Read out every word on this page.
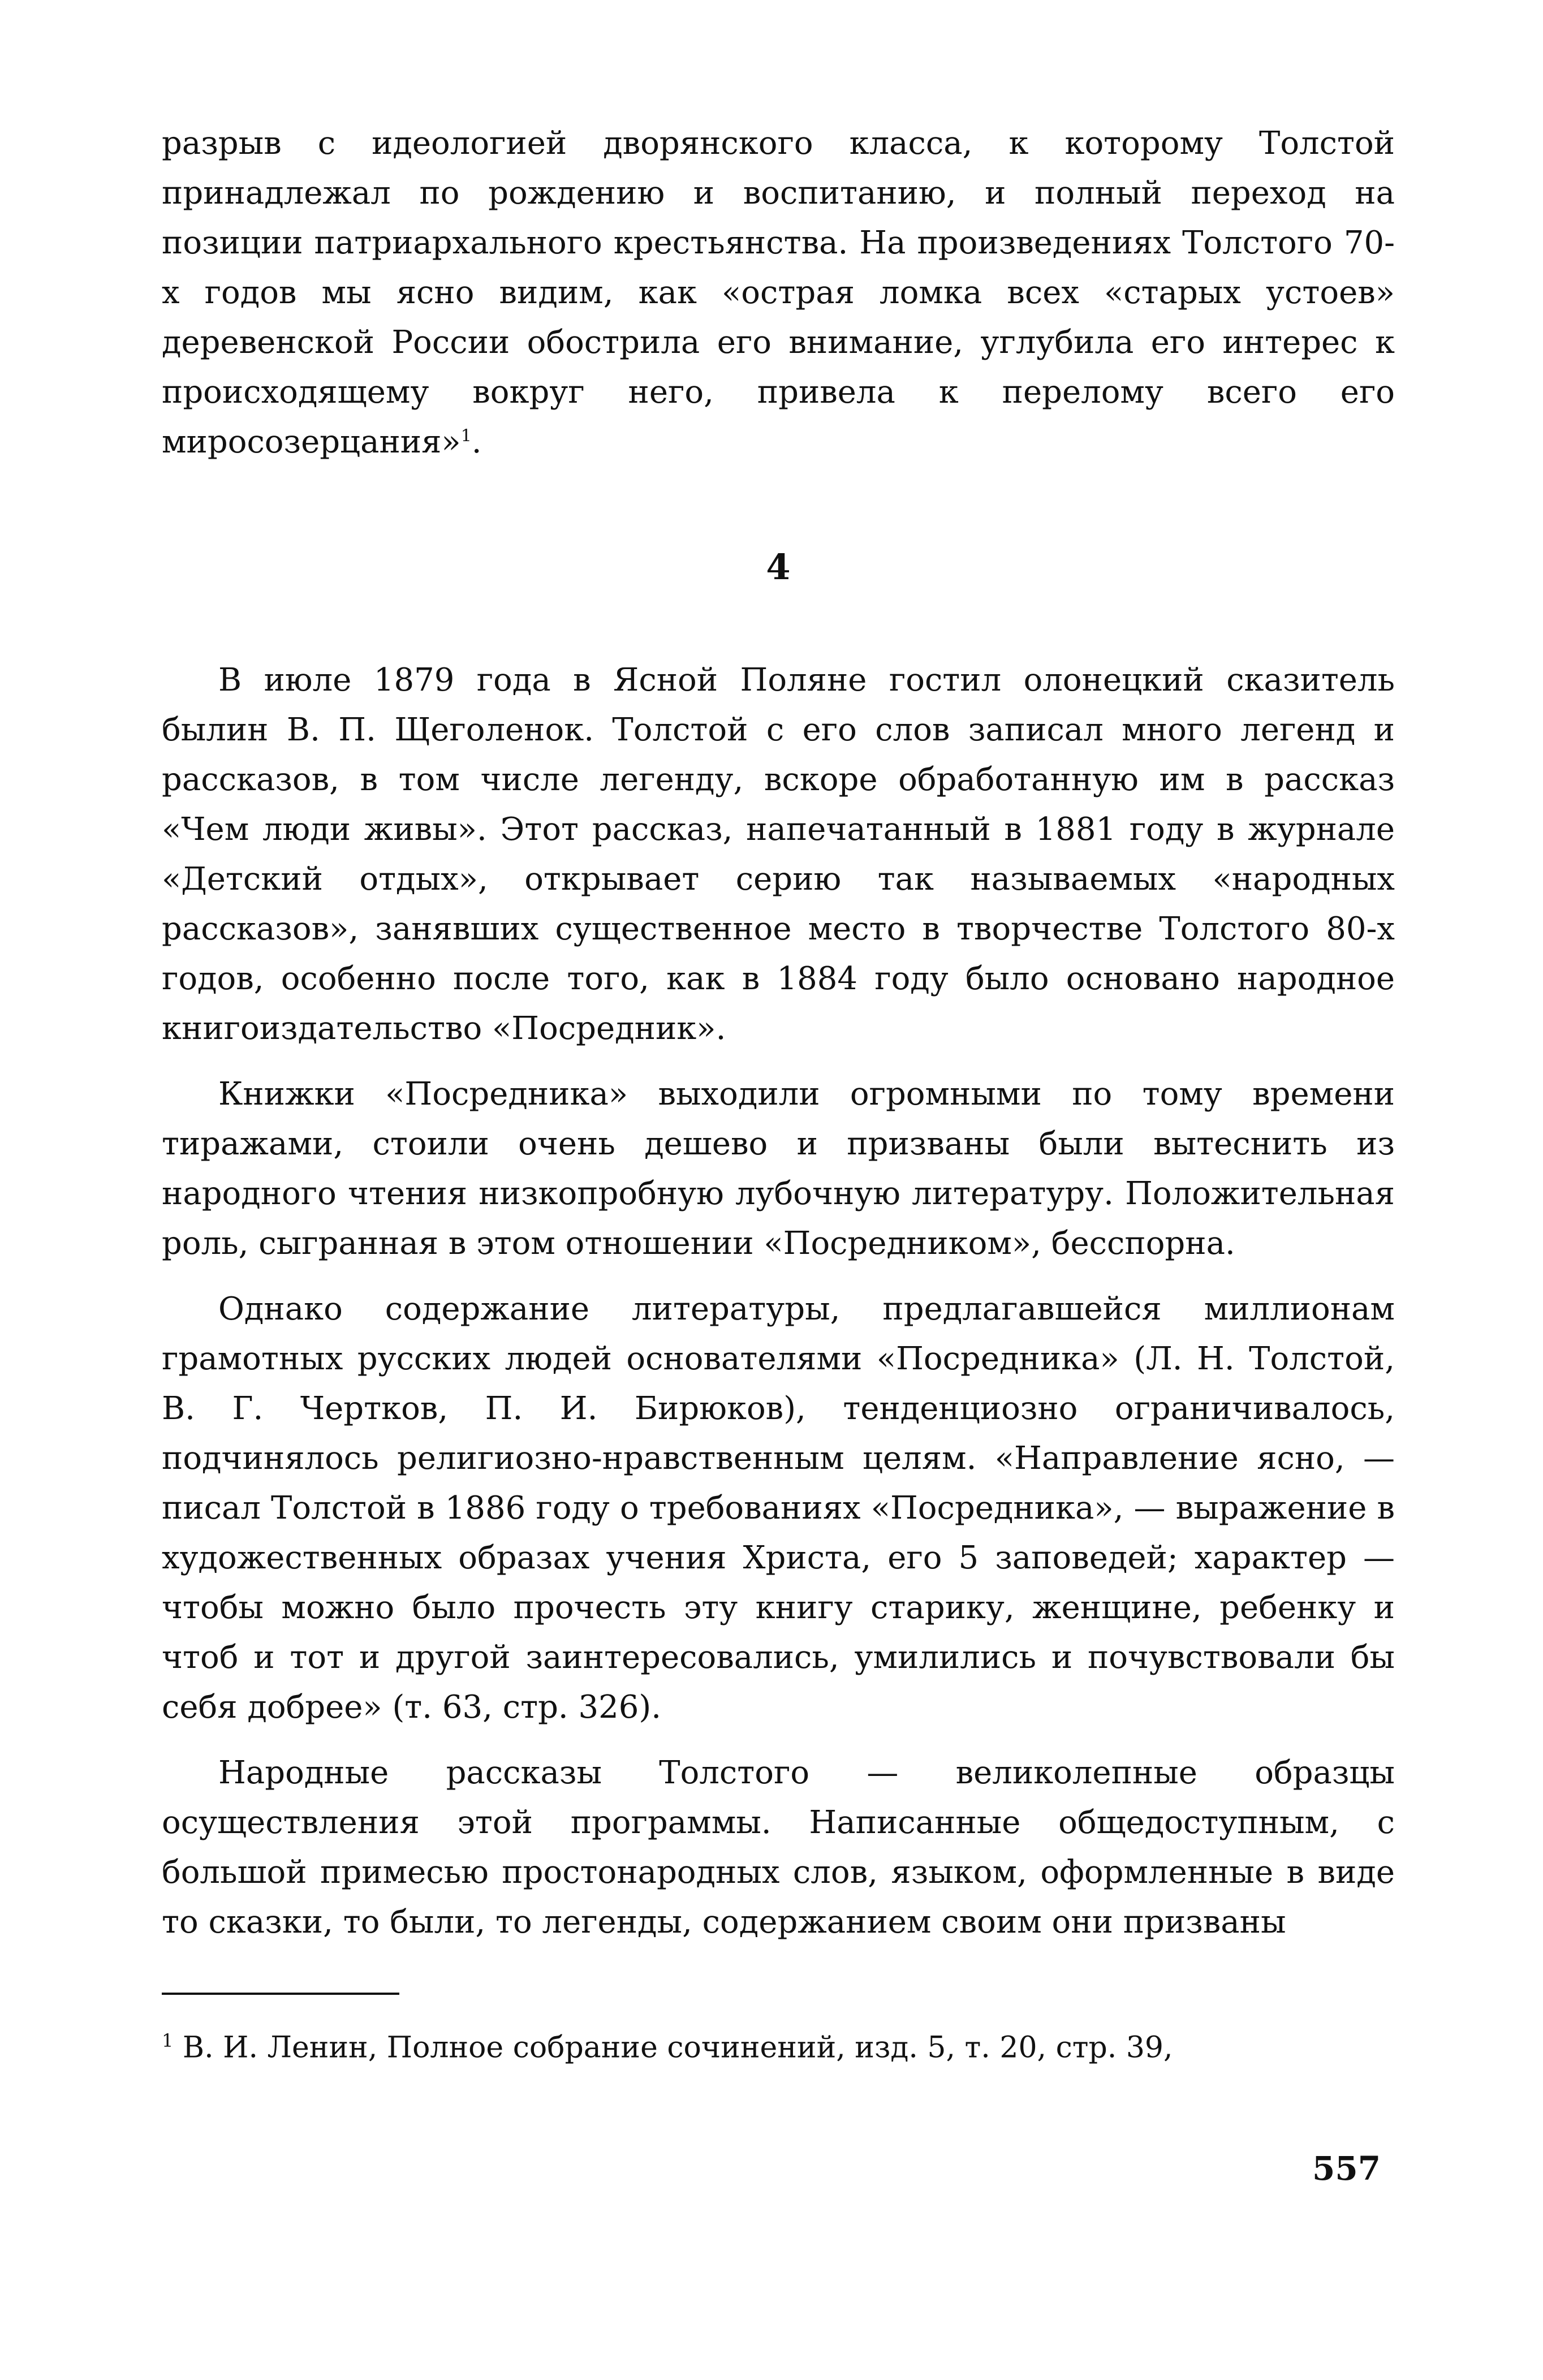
разрыв с идеологией дворянского класса, к которому Толстой принадлежал по рождению и воспитанию, и полный переход на позиции патриархального крестьянства. На произведениях Толстого 70-х годов мы ясно видим, как «острая ломка всех «старых устоев» деревенской России обострила его внимание, углубила его интерес к происходящему вокруг него, привела к перелому всего его миросозерцания»$^1$.

4

В июле 1879 года в Ясной Поляне гостил олонецкий сказитель былин В. П. Щеголенок. Толстой с его слов записал много легенд и рассказов, в том числе легенду, вскоре обработанную им в рассказ «Чем люди живы». Этот рассказ, напечатанный в 1881 году в журнале «Детский отдых», открывает серию так называемых «народных рассказов», занявших существенное место в творчестве Толстого 80-х годов, особенно после того, как в 1884 году было основано народное книгоиздательство «Посредник».

Книжки «Посредника» выходили огромными по тому времени тиражами, стоили очень дешево и призваны были вытеснить из народного чтения низкопробную лубочную литературу. Положительная роль, сыгранная в этом отношении «Посредником», бесспорна.

Однако содержание литературы, предлагавшейся миллионам грамотных русских людей основателями «Посредника» (Л. Н. Толстой, В. Г. Чертков, П. И. Бирюков), тенденциозно ограничивалось, подчинялось религиозно-нравственным целям. «Направление ясно, — писал Толстой в 1886 году о требованиях «Посредника», — выражение в художественных образах учения Христа, его 5 заповедей; характер — чтобы можно было прочесть эту книгу старику, женщине, ребенку и чтоб и тот и другой заинтересовались, умилились и почувствовали бы себя добрее» (т. 63, стр. 326).

Народные рассказы Толстого — великолепные образцы осуществления этой программы. Написанные общедоступным, с большой примесью простонародных слов, языком, оформленные в виде то сказки, то были, то легенды, содержанием своим они призваны

$^1$ В. И. Ленин, Полное собрание сочинений, изд. 5, т. 20, стр. 39,

557
